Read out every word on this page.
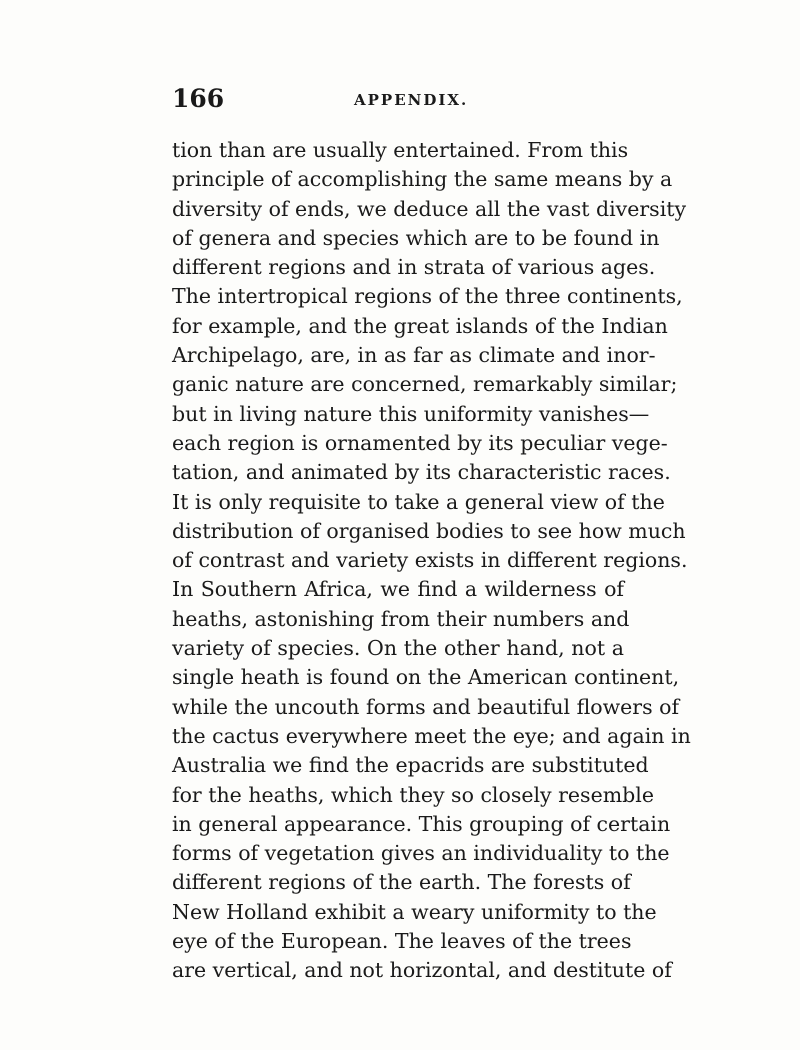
166	APPENDIX.
tion than are usually entertained. From this
principle of accomplishing the same means by a
diversity of ends, we deduce all the vast diversity
of genera and species which are to be found in
different regions and in strata of various ages.
The intertropical regions of the three continents,
for example, and the great islands of the Indian
Archipelago, are, in as far as climate and inor-
ganic nature are concerned, remarkably similar;
but in living nature this uniformity vanishes—
each region is ornamented by its peculiar vege-
tation, and animated by its characteristic races.
It is only requisite to take a general view of the
distribution of organised bodies to see how much
of contrast and variety exists in different regions.
In Southern Africa, we find a wilderness of
heaths, astonishing from their numbers and
variety of species. On the other hand, not a
single heath is found on the American continent,
while the uncouth forms and beautiful flowers of
the cactus everywhere meet the eye; and again in
Australia we find the epacrids are substituted
for the heaths, which they so closely resemble
in general appearance. This grouping of certain
forms of vegetation gives an individuality to the
different regions of the earth. The forests of
New Holland exhibit a weary uniformity to the
eye of the European. The leaves of the trees
are vertical, and not horizontal, and destitute of
